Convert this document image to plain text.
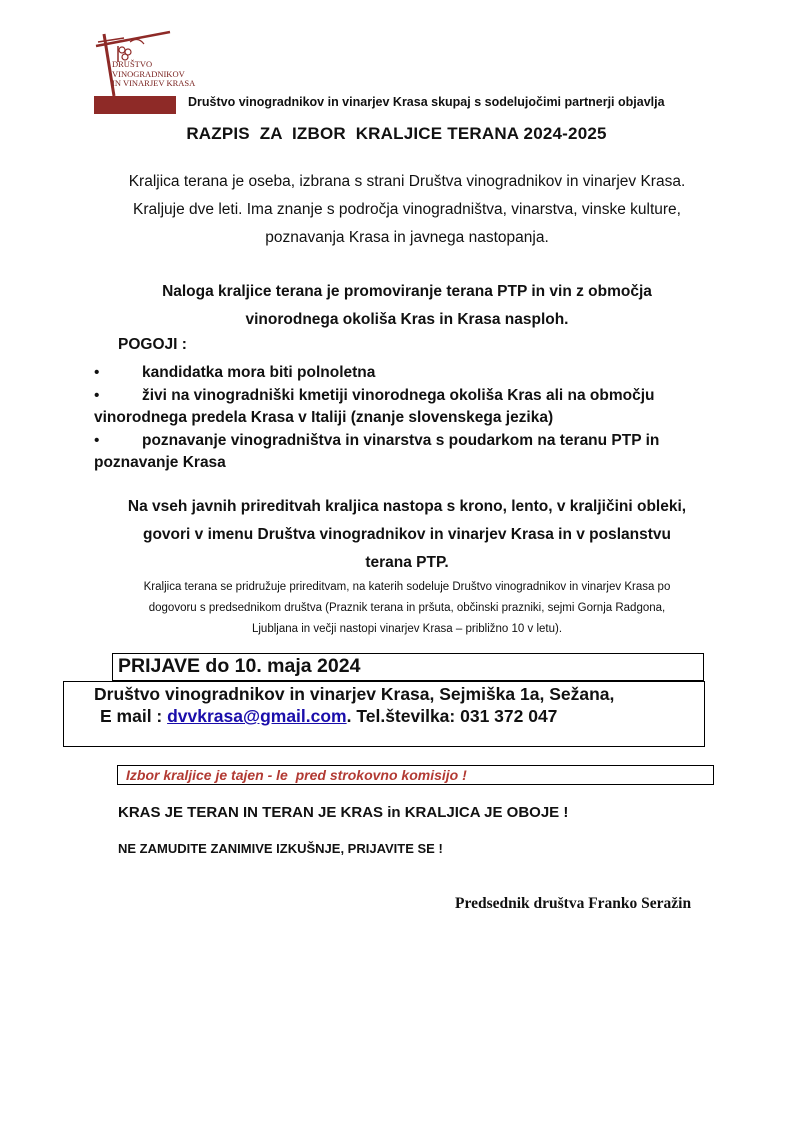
DRUŠTVO
VINOGRADNIKOV
IN VINARJEV KRASA
Društvo vinogradnikov in vinarjev Krasa skupaj s sodelujočimi partnerji objavlja
RAZPIS  ZA  IZBOR  KRALJICE TERANA 2024-2025
Kraljica terana je oseba, izbrana s strani Društva vinogradnikov in vinarjev Krasa.
Kraljuje dve leti. Ima znanje s področja vinogradništva, vinarstva, vinske kulture,
poznavanja Krasa in javnega nastopanja.
Naloga kraljice terana je promoviranje terana PTP in vin z območja
vinorodnega okoliša Kras in Krasa nasploh.
POGOJI :
•	kandidatka mora biti polnoletna
•	živi na vinogradniški kmetiji vinorodnega okoliša Kras ali na območju
vinorodnega predela Krasa v Italiji (znanje slovenskega jezika)
•	poznavanje vinogradništva in vinarstva s poudarkom na teranu PTP in
poznavanje Krasa
Na vseh javnih prireditvah kraljica nastopa s krono, lento, v kraljičini obleki,
govori v imenu Društva vinogradnikov in vinarjev Krasa in v poslanstvu
terana PTP.
Kraljica terana se pridružuje prireditvam, na katerih sodeluje Društvo vinogradnikov in vinarjev Krasa po
dogovoru s predsednikom društva (Praznik terana in pršuta, občinski prazniki, sejmi Gornja Radgona,
Ljubljana in večji nastopi vinarjev Krasa – približno 10 v letu).
PRIJAVE do 10. maja 2024
Društvo vinogradnikov in vinarjev Krasa, Sejmiška 1a, Sežana,
E mail : dvvkrasa@gmail.com. Tel.številka: 031 372 047
Izbor kraljice je tajen - le  pred strokovno komisijo !
KRAS JE TERAN IN TERAN JE KRAS in KRALJICA JE OBOJE !
NE ZAMUDITE ZANIMIVE IZKUŠNJE, PRIJAVITE SE !
Predsednik društva Franko Seražin
